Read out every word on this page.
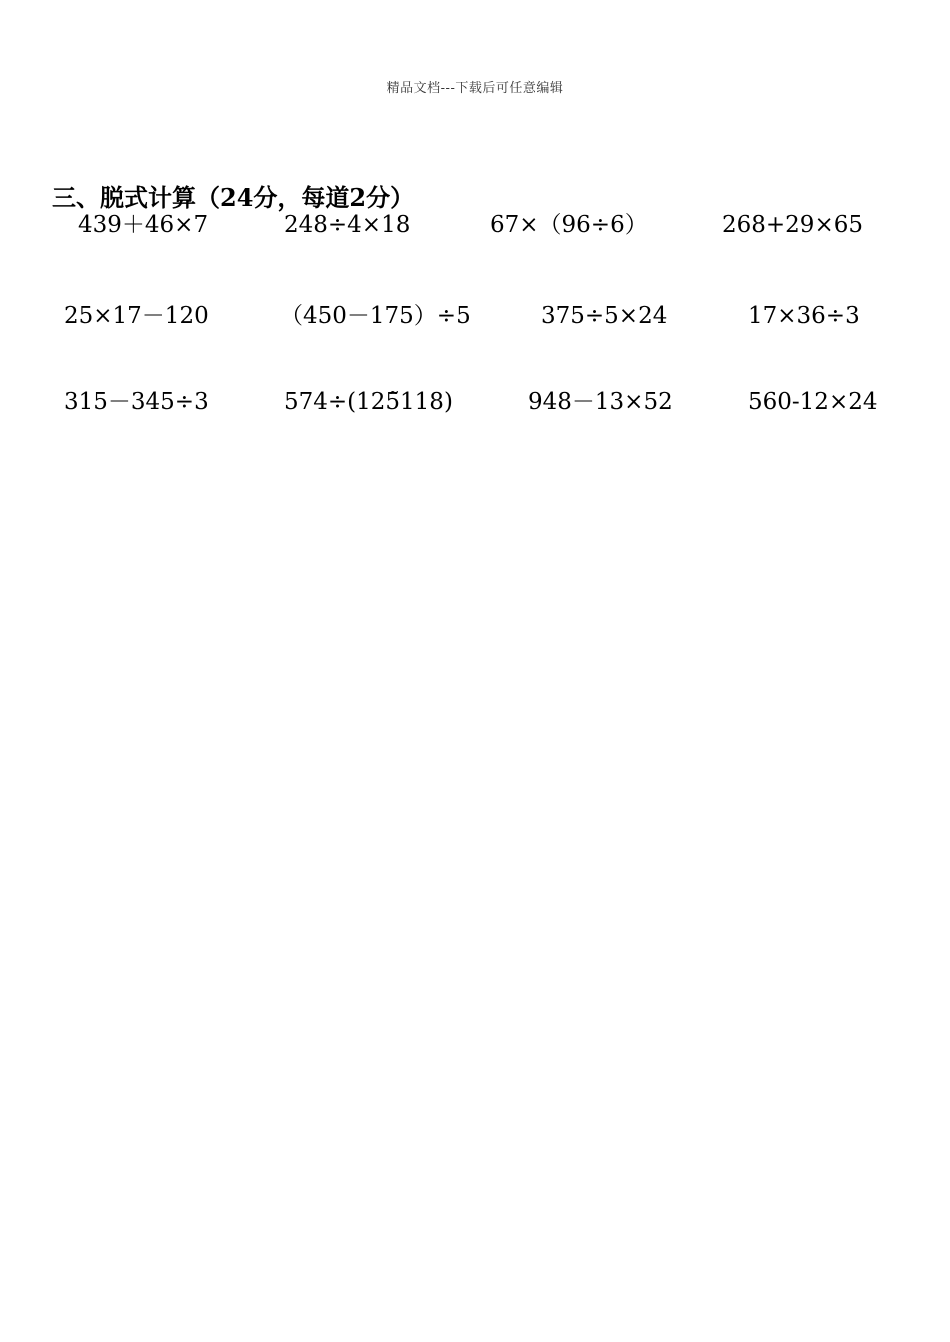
精品文档---下载后可任意编辑
三、脱式计算（24分，每道2分）
439＋46×7	248÷4×18	67×（96÷6）	268+29×65
25×17－120	（450－175）÷5	375÷5×24	17×36÷3
315－345÷3	574÷(125̃118)	948－13×52	560-12×24
